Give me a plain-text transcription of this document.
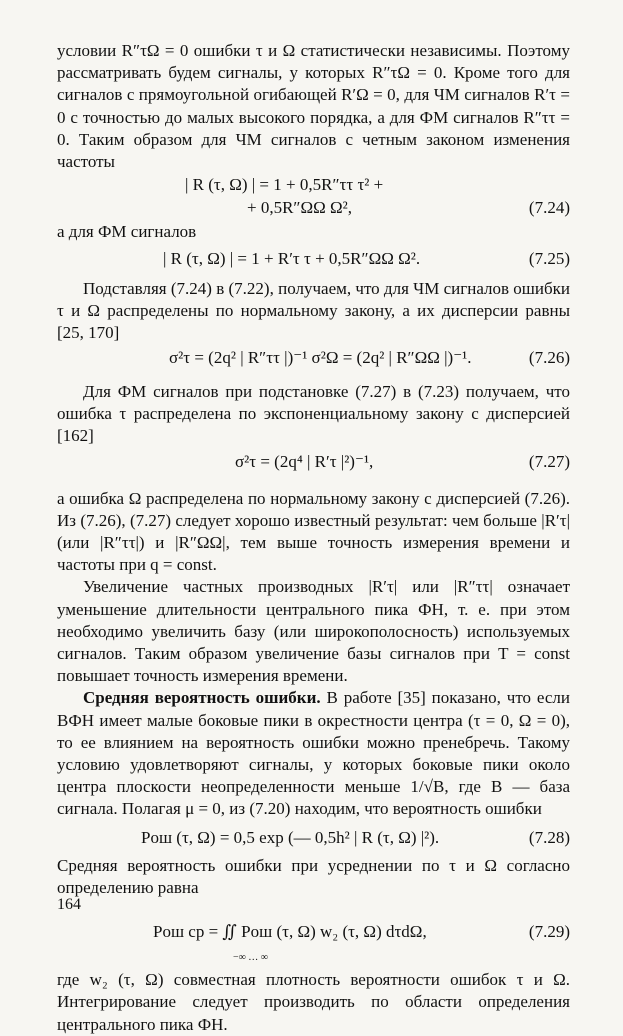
условии R″τΩ = 0 ошибки τ и Ω статистически независимы. Поэтому рассматривать будем сигналы, у которых R″τΩ = 0. Кроме того для сигналов с прямоугольной огибающей R′Ω = 0, для ЧМ сигналов R′τ = 0 с точностью до малых высокого порядка, а для ФМ сигналов R″ττ = 0. Таким образом для ЧМ сигналов с четным законом изменения частоты

| R (τ, Ω) | = 1 + 0,5R″ττ τ² +
+ 0,5R″ΩΩ Ω²,	(7.24)

а для ФМ сигналов

| R (τ, Ω) | = 1 + R′τ τ + 0,5R″ΩΩ Ω².	(7.25)

Подставляя (7.24) в (7.22), получаем, что для ЧМ сигналов ошибки τ и Ω распределены по нормальному закону, а их дисперсии равны [25, 170]

σ²τ = (2q² | R″ττ |)⁻¹ σ²Ω = (2q² | R″ΩΩ |)⁻¹.	(7.26)

Для ФМ сигналов при подстановке (7.27) в (7.23) получаем, что ошибка τ распределена по экспоненциальному закону с дисперсией [162]

σ²τ = (2q⁴ | R′τ |²)⁻¹,	(7.27)

а ошибка Ω распределена по нормальному закону с дисперсией (7.26). Из (7.26), (7.27) следует хорошо известный результат: чем больше |R′τ| (или |R″ττ|) и |R″ΩΩ|, тем выше точность измерения времени и частоты при q = const.

Увеличение частных производных |R′τ| или |R″ττ| означает уменьшение длительности центрального пика ФН, т. е. при этом необходимо увеличить базу (или широкополосность) используемых сигналов. Таким образом увеличение базы сигналов при T = const повышает точность измерения времени.

Средняя вероятность ошибки. В работе [35] показано, что если ВФН имеет малые боковые пики в окрестности центра (τ = 0, Ω = 0), то ее влиянием на вероятность ошибки можно пренебречь. Такому условию удовлетворяют сигналы, у которых боковые пики около центра плоскости неопределенности меньше 1/√B, где B — база сигнала. Полагая μ = 0, из (7.20) находим, что вероятность ошибки

Pош (τ, Ω) = 0,5 exp (— 0,5h² | R (τ, Ω) |²).	(7.28)

Средняя вероятность ошибки при усреднении по τ и Ω согласно определению равна

Pош ср = ∬ Pош (τ, Ω) w₂ (τ, Ω) dτdΩ,
−∞ … ∞
(7.29)

где w₂ (τ, Ω) совместная плотность вероятности ошибок τ и Ω. Интегрирование следует производить по области определения центрального пика ФН.

164
